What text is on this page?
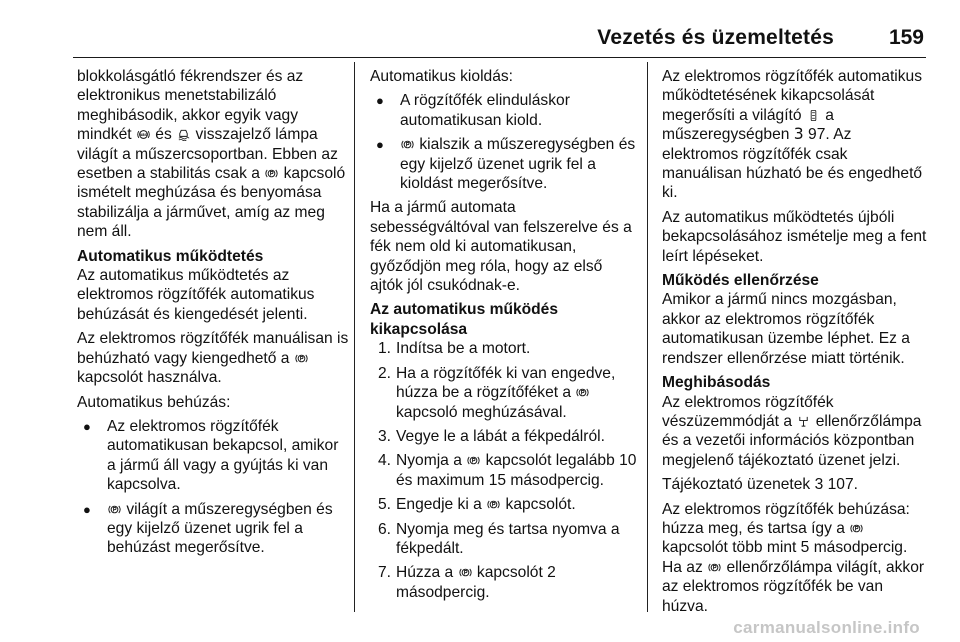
Vezetés és üzemeltetés	159

blokkolásgátló fékrendszer és az elektronikus menetstabilizáló meghibásodik, akkor egyik vagy mindkét ABS és visszajelző lámpa világít a műszercsoportban. Ebben az esetben a stabilitás csak a kapcsoló ismételt meghúzása és benyomása stabilizálja a járművet, amíg az meg nem áll.

Automatikus működtetés

Az automatikus működtetés az elektromos rögzítőfék automatikus behúzását és kiengedését jelenti.

Az elektromos rögzítőfék manuálisan is behúzható vagy kiengedhető a
kapcsolót használva.

Automatikus behúzás:

● Az elektromos rögzítőfék automatikusan bekapcsol, amikor a jármű áll vagy a gyújtás ki van kapcsolva.
● világít a műszeregységben és egy kijelző üzenet ugrik fel a behúzást megerősítve.

Automatikus kioldás:

● A rögzítőfék elinduláskor automatikusan kiold.
● kialszik a műszeregységben és egy kijelző üzenet ugrik fel a kioldást megerősítve.

Ha a jármű automata sebességváltóval van felszerelve és a fék nem old ki automatikusan, győződjön meg róla, hogy az első ajtók jól csukódnak-e.

Az automatikus működés kikapcsolása

1. Indítsa be a motort.
2. Ha a rögzítőfék ki van engedve, húzza be a rögzítőféket a
kapcsoló meghúzásával.
3. Vegye le a lábát a fékpedálról.
4. Nyomja a kapcsolót legalább 10 és maximum 15 másodpercig.
5. Engedje ki a kapcsolót.
6. Nyomja meg és tartsa nyomva a fékpedált.
7. Húzza a kapcsolót 2 másodpercig.

Az elektromos rögzítőfék automatikus működtetésének kikapcsolását megerősíti a világító a műszeregységben 3 97. Az elektromos rögzítőfék csak manuálisan húzható be és engedhető ki.

Az automatikus működtetés újbóli bekapcsolásához ismételje meg a fent leírt lépéseket.

Működés ellenőrzése

Amikor a jármű nincs mozgásban, akkor az elektromos rögzítőfék automatikusan üzembe léphet. Ez a rendszer ellenőrzése miatt történik.

Meghibásodás

Az elektromos rögzítőfék vészüzemmódját a ellenőrzőlámpa és a vezetői információs központban megjelenő tájékoztató üzenet jelzi.

Tájékoztató üzenetek 3 107.

Az elektromos rögzítőfék behúzása: húzza meg, és tartsa így a
kapcsolót több mint 5 másodpercig. Ha az ellenőrzőlámpa világít, akkor az elektromos rögzítőfék be van húzva.

carmanualsonline.info
